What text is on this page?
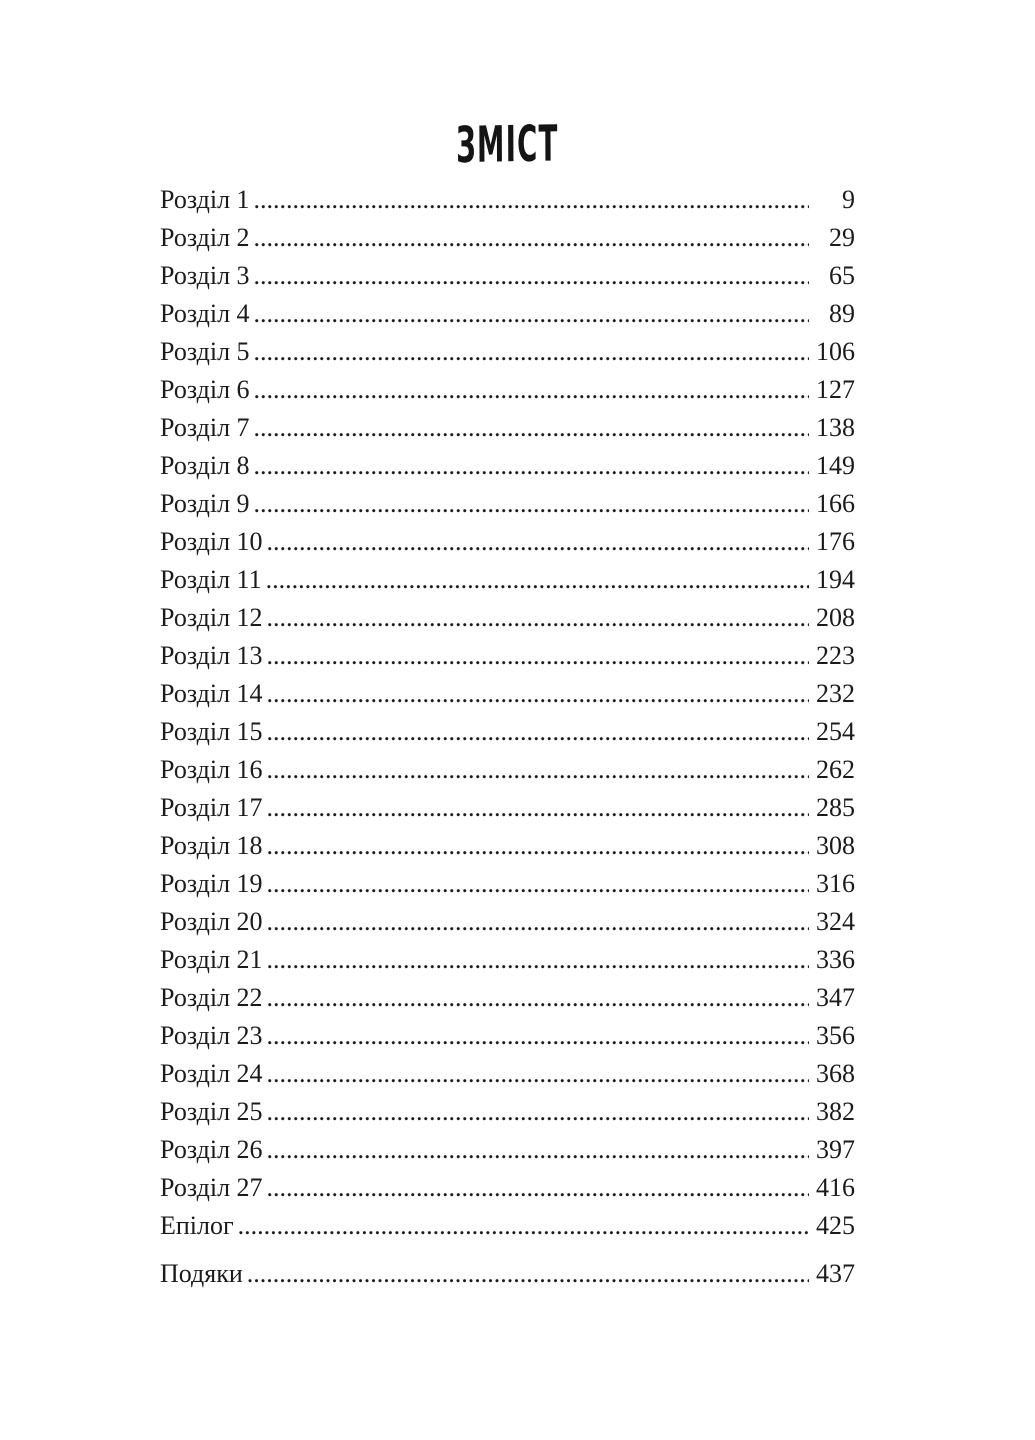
ЗМІСТ
Розділ 1 .....	9
Розділ 2 .....	29
Розділ 3 .....	65
Розділ 4 .....	89
Розділ 5 .....	106
Розділ 6 .....	127
Розділ 7 .....	138
Розділ 8 .....	149
Розділ 9 .....	166
Розділ 10 .....	176
Розділ 11 .....	194
Розділ 12 .....	208
Розділ 13 .....	223
Розділ 14 .....	232
Розділ 15 .....	254
Розділ 16 .....	262
Розділ 17 .....	285
Розділ 18 .....	308
Розділ 19 .....	316
Розділ 20 .....	324
Розділ 21 .....	336
Розділ 22 .....	347
Розділ 23 .....	356
Розділ 24 .....	368
Розділ 25 .....	382
Розділ 26 .....	397
Розділ 27 .....	416
Епілог .....	425
Подяки .....	437
